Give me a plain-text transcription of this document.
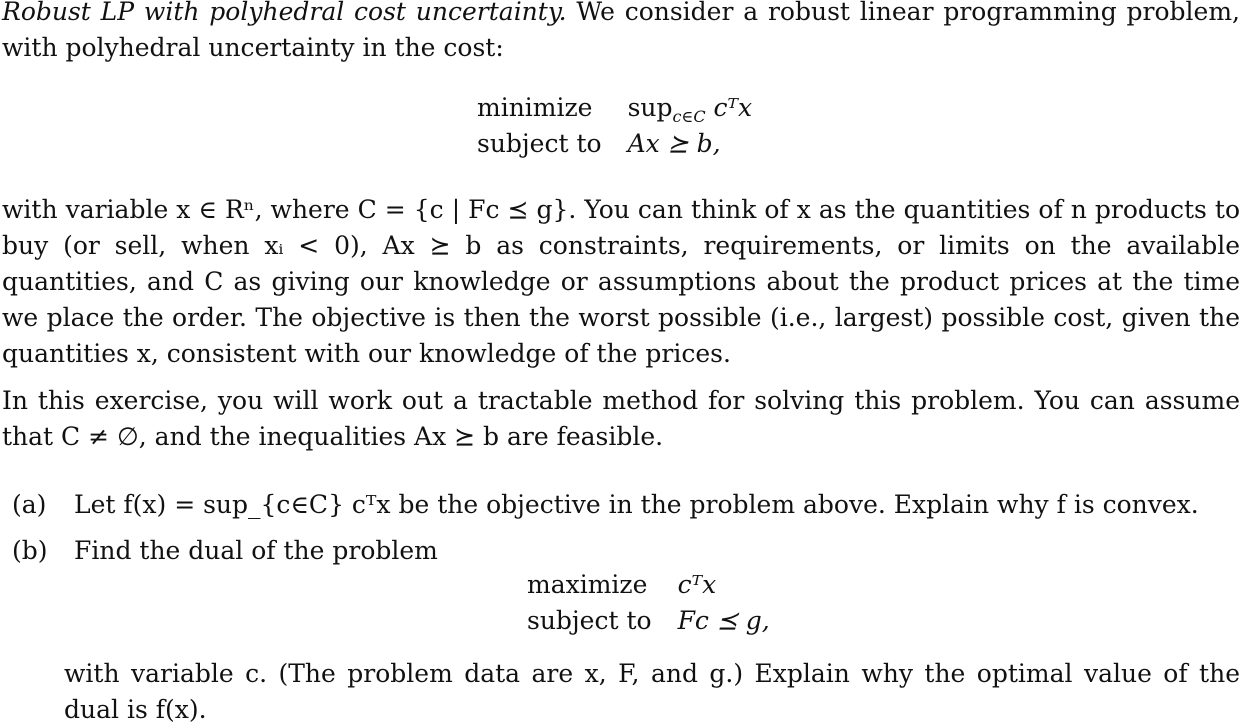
Robust LP with polyhedral cost uncertainty. We consider a robust linear programming problem, with polyhedral uncertainty in the cost:
minimize	sup$_{c\in C}$ cᵀx
subject to	Ax ⪰ b,
with variable x ∈ Rⁿ, where C = {c | Fc ⪯ g}. You can think of x as the quantities of n products to buy (or sell, when xᵢ < 0), Ax ⪰ b as constraints, requirements, or limits on the available quantities, and C as giving our knowledge or assumptions about the product prices at the time we place the order. The objective is then the worst possible (i.e., largest) possible cost, given the quantities x, consistent with our knowledge of the prices.
In this exercise, you will work out a tractable method for solving this problem. You can assume that C ≠ ∅, and the inequalities Ax ⪰ b are feasible.
(a) Let f(x) = sup_{c∈C} cᵀx be the objective in the problem above. Explain why f is convex.
(b) Find the dual of the problem
maximize	cᵀx
subject to	Fc ⪯ g,
with variable c. (The problem data are x, F, and g.) Explain why the optimal value of the dual is f(x).
